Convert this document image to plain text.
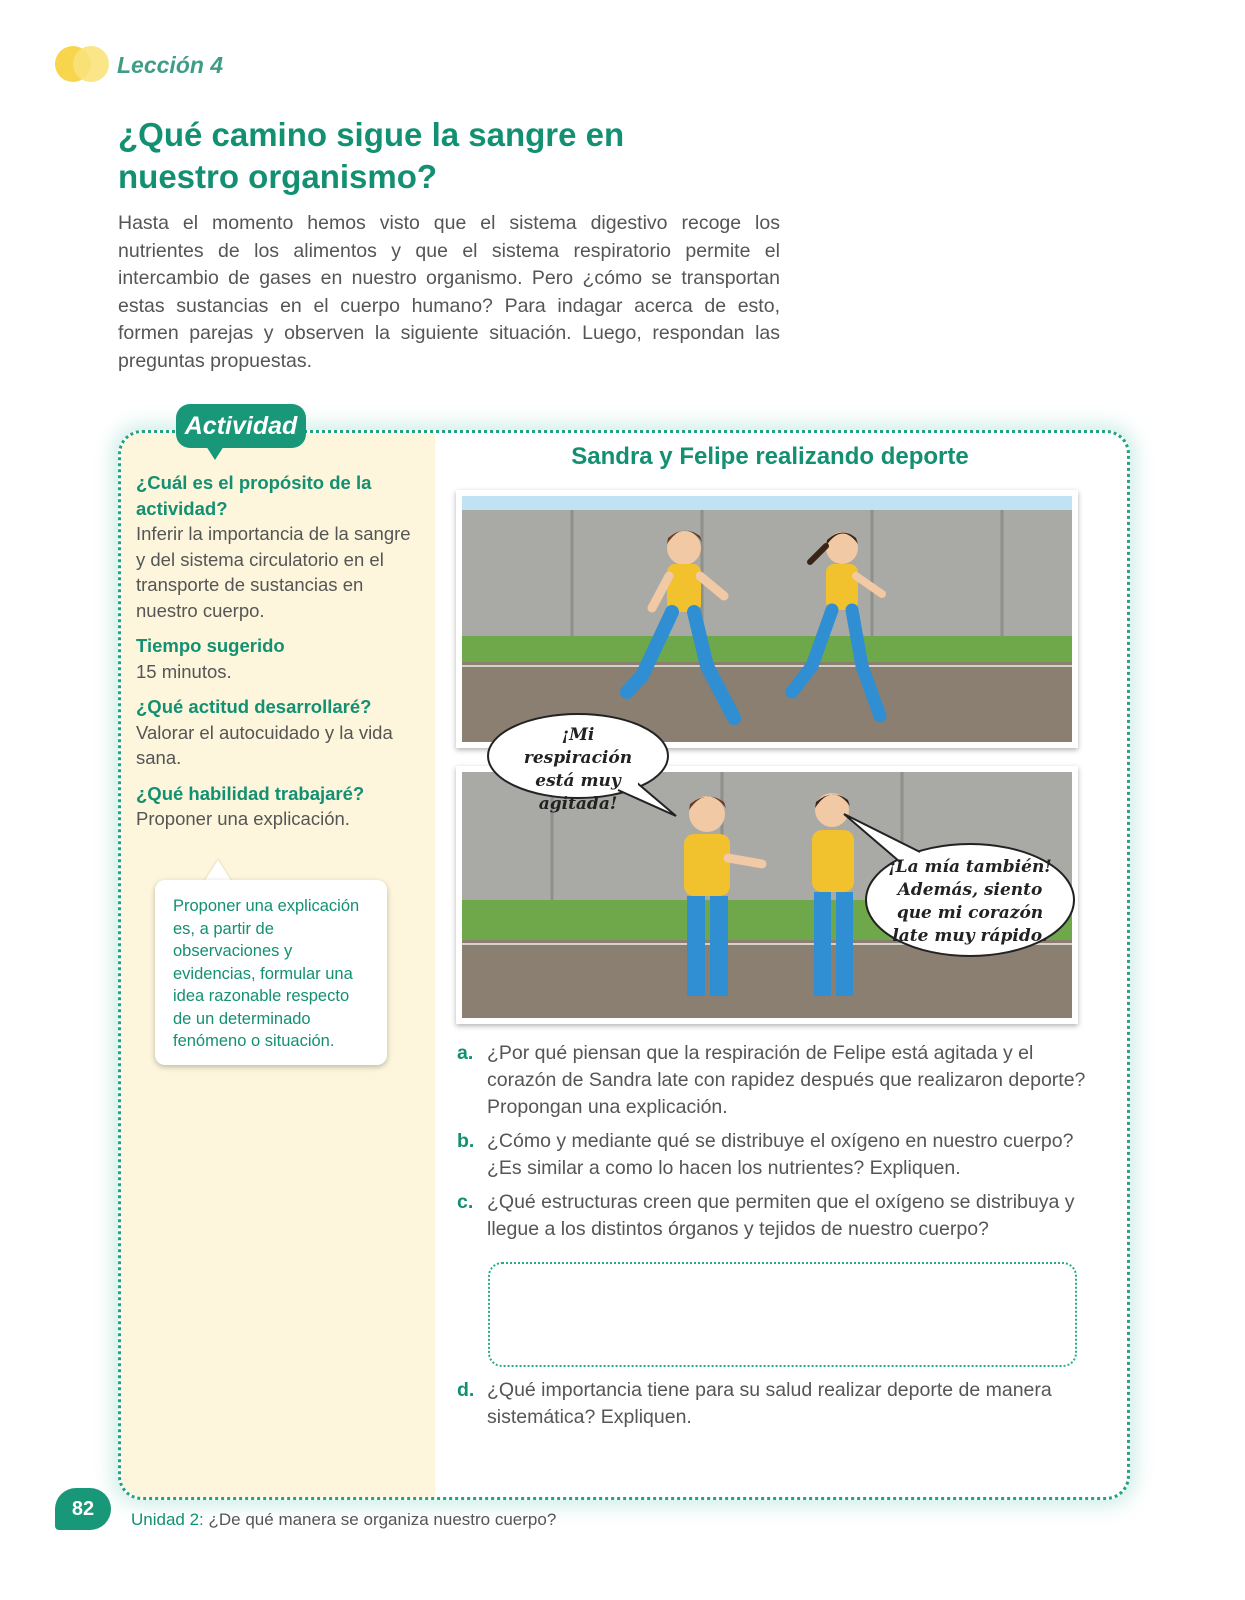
Lección 4
¿Qué camino sigue la sangre en nuestro organismo?

Hasta el momento hemos visto que el sistema digestivo recoge los nutrientes de los alimentos y que el sistema respiratorio permite el intercambio de gases en nuestro organismo. Pero ¿cómo se transportan estas sustancias en el cuerpo humano? Para indagar acerca de esto, formen parejas y observen la siguiente situación. Luego, respondan las preguntas propuestas.

Actividad
¿Cuál es el propósito de la actividad?
Inferir la importancia de la sangre y del sistema circulatorio en el transporte de sustancias en nuestro cuerpo.
Tiempo sugerido
15 minutos.
¿Qué actitud desarrollaré?
Valorar el autocuidado y la vida sana.
¿Qué habilidad trabajaré?
Proponer una explicación.
Proponer una explicación es, a partir de observaciones y evidencias, formular una idea razonable respecto de un determinado fenómeno o situación.
Sandra y Felipe realizando deporte
¡Mi respiración está muy agitada!
¡La mía también! Además, siento que mi corazón late muy rápido.
a. ¿Por qué piensan que la respiración de Felipe está agitada y el corazón de Sandra late con rapidez después que realizaron deporte? Propongan una explicación.
b. ¿Cómo y mediante qué se distribuye el oxígeno en nuestro cuerpo? ¿Es similar a como lo hacen los nutrientes? Expliquen.
c. ¿Qué estructuras creen que permiten que el oxígeno se distribuya y llegue a los distintos órganos y tejidos de nuestro cuerpo?
d. ¿Qué importancia tiene para su salud realizar deporte de manera sistemática? Expliquen.
82	Unidad 2: ¿De qué manera se organiza nuestro cuerpo?
